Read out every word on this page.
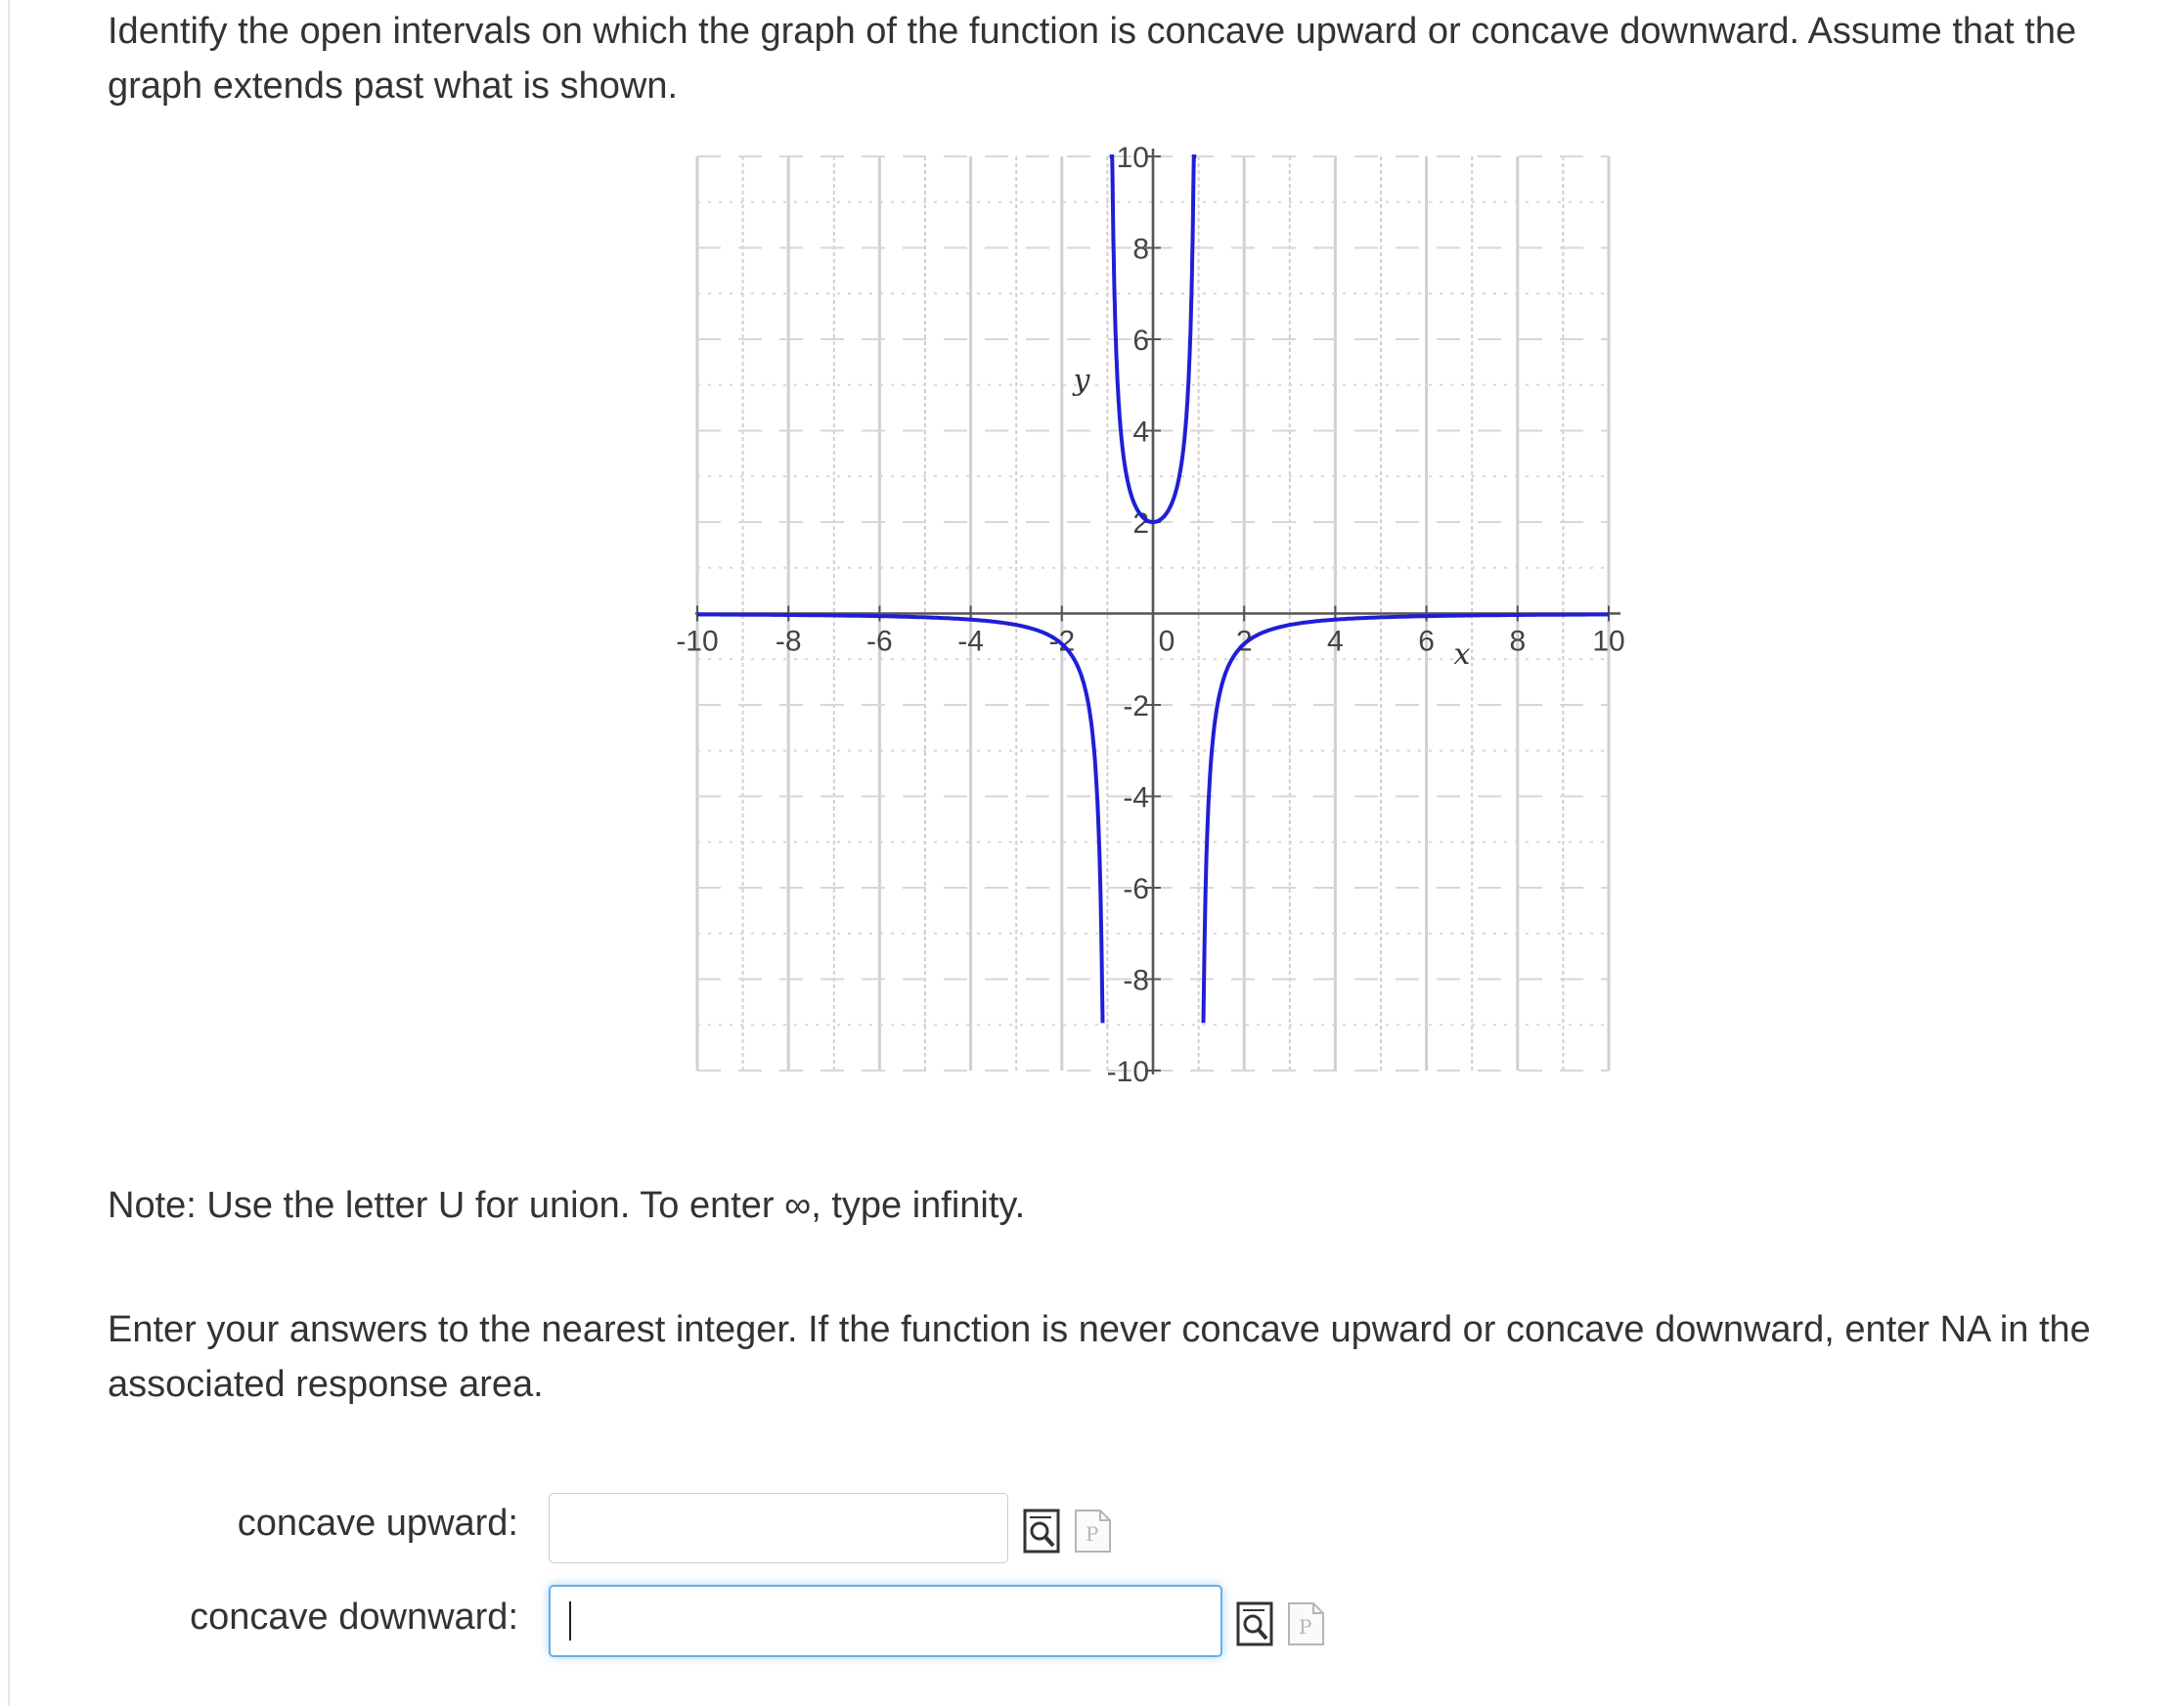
Identify the open intervals on which the graph of the function is concave upward or concave downward. Assume that the graph extends past what is shown.

-10 -8 -6 -4 -2	0 2	4	6	8 10
10
8
6
4
2
-2
-4
-6
-8
-10
x
y

Note: Use the letter U for union. To enter ∞, type infinity.

Enter your answers to the nearest integer. If the function is never concave upward or concave downward, enter NA in the associated response area.

concave upward:	P
concave downward:	P
